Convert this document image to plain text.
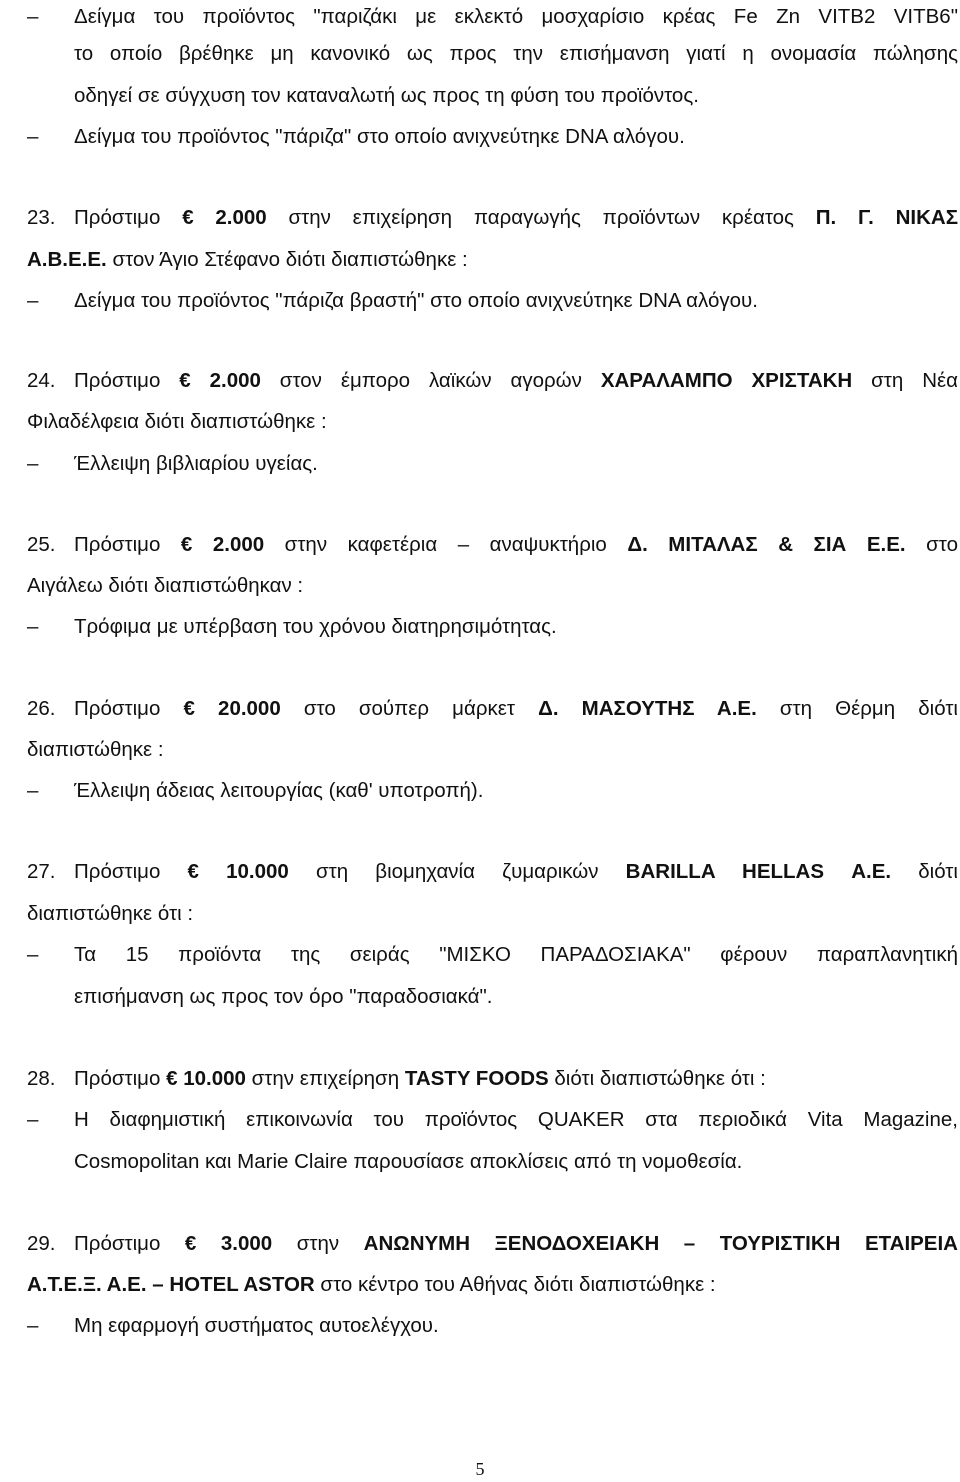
– Δείγμα του προϊόντος "παριζάκι με εκλεκτό μοσχαρίσιο κρέας Fe Zn VITB2 VITB6"
το οποίο βρέθηκε μη κανονικό ως προς την επισήμανση γιατί η ονομασία πώλησης
οδηγεί σε σύγχυση τον καταναλωτή ως προς τη φύση του προϊόντος.
– Δείγμα του προϊόντος "πάριζα" στο οποίο ανιχνεύτηκε DNA αλόγου.
23. Πρόστιμο € 2.000 στην επιχείρηση παραγωγής προϊόντων κρέατος Π. Γ. ΝΙΚΑΣ
Α.Β.Ε.Ε. στον Άγιο Στέφανο διότι διαπιστώθηκε :
– Δείγμα του προϊόντος "πάριζα βραστή" στο οποίο ανιχνεύτηκε DNA αλόγου.
24. Πρόστιμο € 2.000 στον έμπορο λαϊκών αγορών ΧΑΡΑΛΑΜΠΟ ΧΡΙΣΤΑΚΗ στη Νέα
Φιλαδέλφεια διότι διαπιστώθηκε :
– Έλλειψη βιβλιαρίου υγείας.
25. Πρόστιμο € 2.000 στην καφετέρια – αναψυκτήριο Δ. ΜΙΤΑΛΑΣ & ΣΙΑ Ε.Ε. στο
Αιγάλεω διότι διαπιστώθηκαν :
– Τρόφιμα με υπέρβαση του χρόνου διατηρησιμότητας.
26. Πρόστιμο € 20.000 στο σούπερ μάρκετ Δ. ΜΑΣΟΥΤΗΣ Α.Ε. στη Θέρμη διότι
διαπιστώθηκε :
– Έλλειψη άδειας λειτουργίας (καθ' υποτροπή).
27. Πρόστιμο € 10.000 στη βιομηχανία ζυμαρικών BARILLA HELLAS Α.Ε. διότι
διαπιστώθηκε ότι :
– Τα 15 προϊόντα της σειράς "ΜΙΣΚΟ ΠΑΡΑΔΟΣΙΑΚΑ" φέρουν παραπλανητική
επισήμανση ως προς τον όρο "παραδοσιακά".
28. Πρόστιμο € 10.000 στην επιχείρηση TASTY FOODS διότι διαπιστώθηκε ότι :
– Η διαφημιστική επικοινωνία του προϊόντος QUAKER στα περιοδικά Vita Magazine,
Cosmopolitan και Marie Claire παρουσίασε αποκλίσεις από τη νομοθεσία.
29. Πρόστιμο € 3.000 στην ΑΝΩΝΥΜΗ ΞΕΝΟΔΟΧΕΙΑΚΗ – ΤΟΥΡΙΣΤΙΚΗ ΕΤΑΙΡΕΙΑ
Α.Τ.Ε.Ξ. Α.Ε. – HOTEL ASTOR στο κέντρο του Αθήνας διότι διαπιστώθηκε :
– Μη εφαρμογή συστήματος αυτοελέγχου.
5
